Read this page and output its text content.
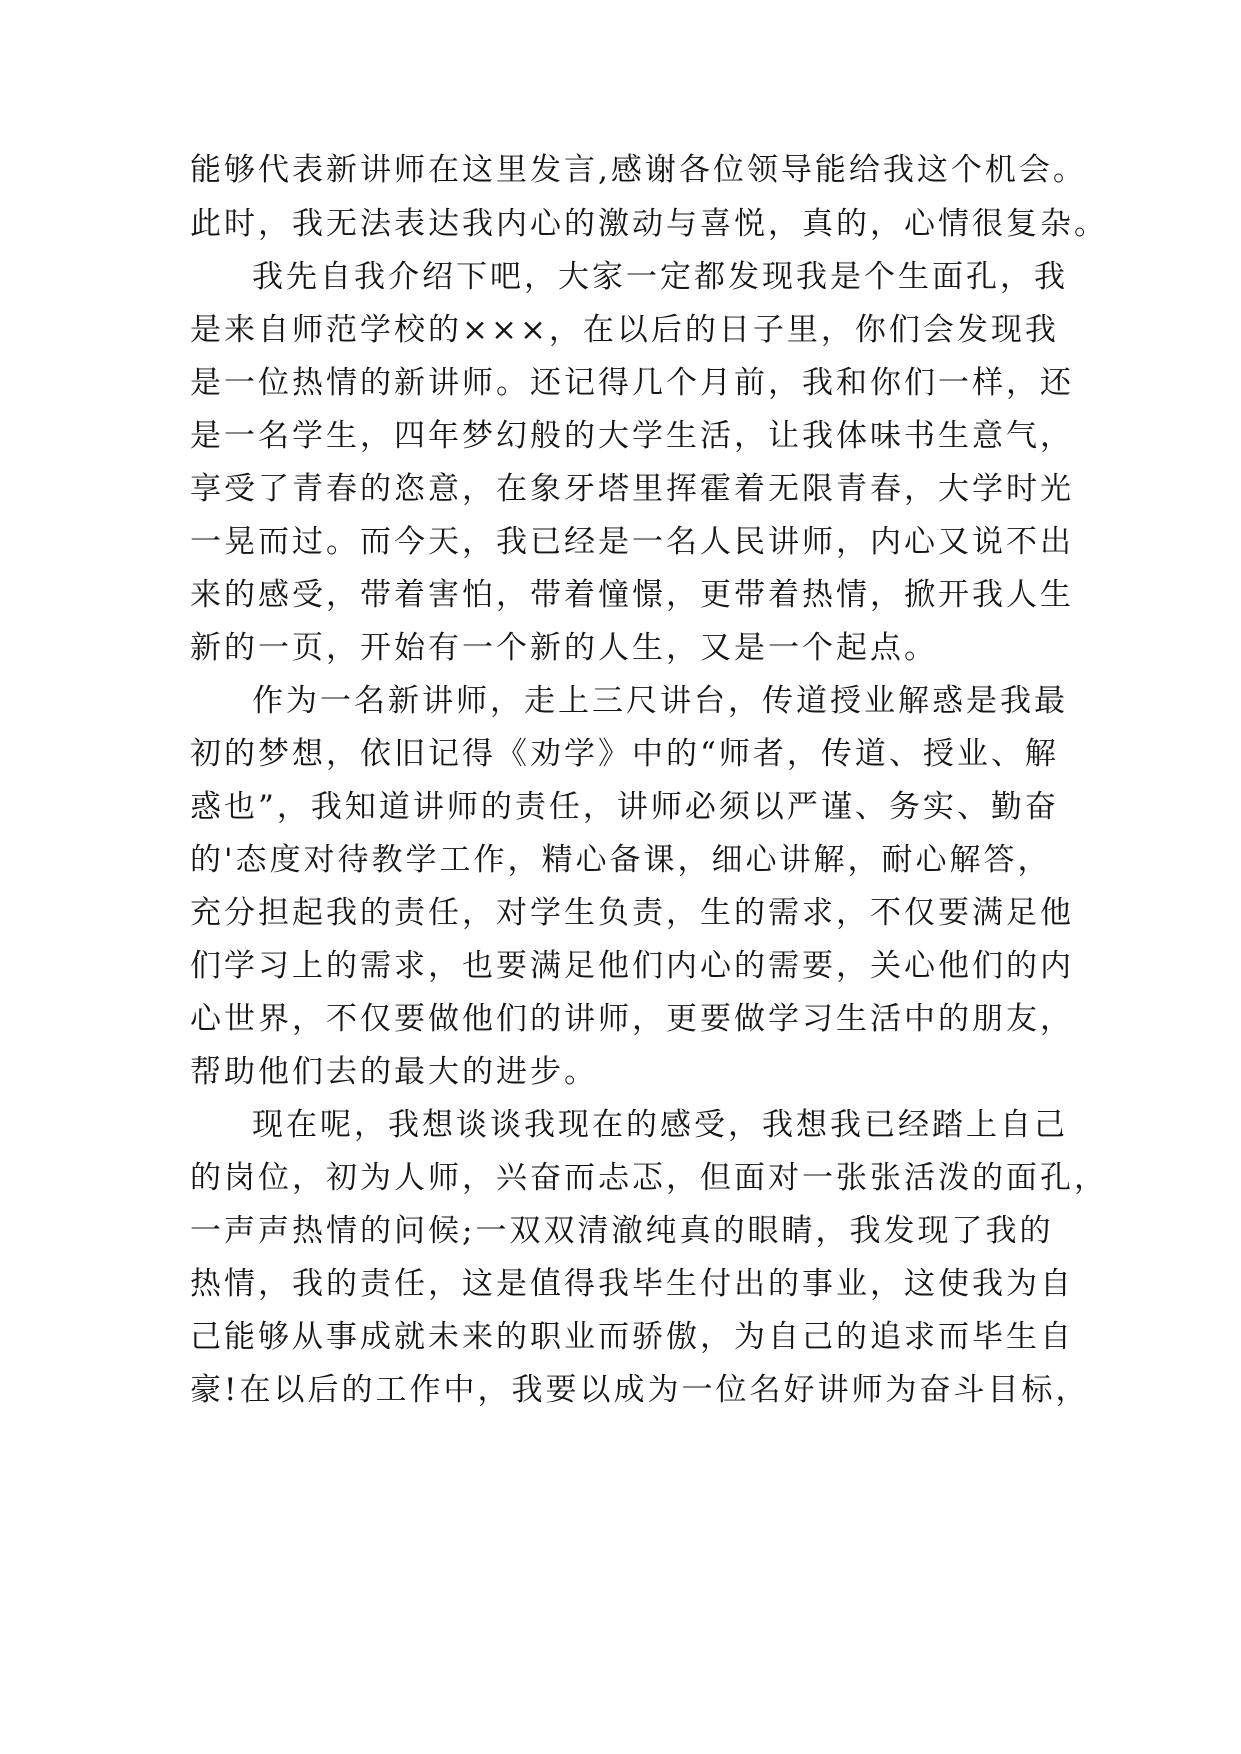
能够代表新讲师在这里发言,感谢各位领导能给我这个机会。
此时，我无法表达我内心的激动与喜悦，真的，心情很复杂。
我先自我介绍下吧，大家一定都发现我是个生面孔，我
是来自师范学校的×××，在以后的日子里，你们会发现我
是一位热情的新讲师。还记得几个月前，我和你们一样，还
是一名学生，四年梦幻般的大学生活，让我体味书生意气，
享受了青春的恣意，在象牙塔里挥霍着无限青春，大学时光
一晃而过。而今天，我已经是一名人民讲师，内心又说不出
来的感受，带着害怕，带着憧憬，更带着热情，掀开我人生
新的一页，开始有一个新的人生，又是一个起点。
作为一名新讲师，走上三尺讲台，传道授业解惑是我最
初的梦想，依旧记得《劝学》中的“师者，传道、授业、解
惑也”，我知道讲师的责任，讲师必须以严谨、务实、勤奋
的'态度对待教学工作，精心备课，细心讲解，耐心解答，
充分担起我的责任，对学生负责，生的需求，不仅要满足他
们学习上的需求，也要满足他们内心的需要，关心他们的内
心世界，不仅要做他们的讲师，更要做学习生活中的朋友，
帮助他们去的最大的进步。
现在呢，我想谈谈我现在的感受，我想我已经踏上自己
的岗位，初为人师，兴奋而忐忑，但面对一张张活泼的面孔，
一声声热情的问候;一双双清澈纯真的眼睛，我发现了我的
热情，我的责任，这是值得我毕生付出的事业，这使我为自
己能够从事成就未来的职业而骄傲，为自己的追求而毕生自
豪!在以后的工作中，我要以成为一位名好讲师为奋斗目标，
